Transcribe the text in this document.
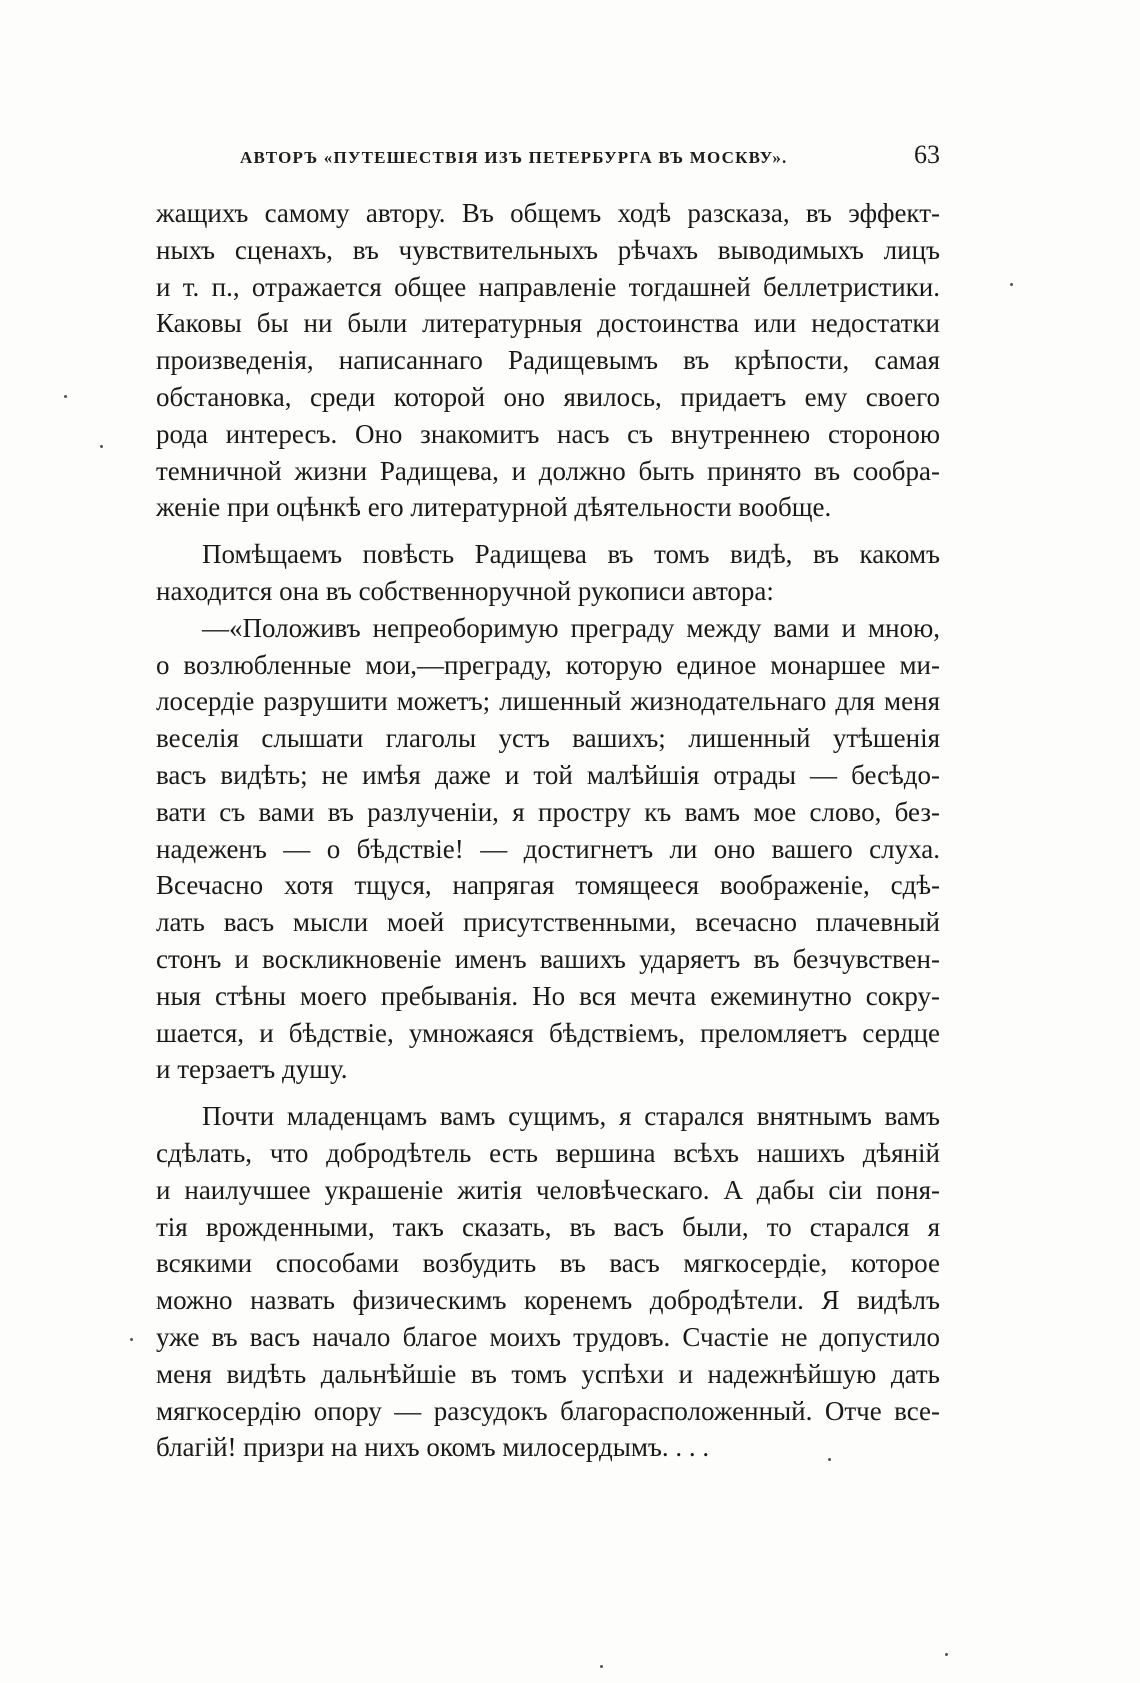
АВТОРЪ «ПУТЕШЕСТВІЯ ИЗЪ ПЕТЕРБУРГА ВЪ МОСКВУ».	63
жащихъ самому автору. Въ общемъ ходѣ разсказа, въ эффект-
ныхъ сценахъ, въ чувствительныхъ рѣчахъ выводимыхъ лицъ
и т. п., отражается общее направленіе тогдашней беллетристики.
Каковы бы ни были литературныя достоинства или недостатки
произведенія, написаннаго Радищевымъ въ крѣпости, самая
обстановка, среди которой оно явилось, придаетъ ему своего
рода интересъ. Оно знакомитъ насъ съ внутреннею стороною
темничной жизни Радищева, и должно быть принято въ сообра-
женіе при оцѣнкѣ его литературной дѣятельности вообще.
Помѣщаемъ повѣсть Радищева въ томъ видѣ, въ какомъ
находится она въ собственноручной рукописи автора:
—«Положивъ непреоборимую преграду между вами и мною,
о возлюбленные мои,—преграду, которую единое монаршее ми-
лосердіе разрушити можетъ; лишенный жизнодательнаго для меня
веселія слышати глаголы устъ вашихъ; лишенный утѣшенія
васъ видѣть; не имѣя даже и той малѣйшія отрады — бесѣдо-
вати съ вами въ разлученіи, я простру къ вамъ мое слово, без-
надеженъ — о бѣдствіе! — достигнетъ ли оно вашего слуха.
Всечасно хотя тщуся, напрягая томящееся воображеніе, сдѣ-
лать васъ мысли моей присутственными, всечасно плачевный
стонъ и воскликновеніе именъ вашихъ ударяетъ въ безчувствен-
ныя стѣны моего пребыванія. Но вся мечта ежеминутно сокру-
шается, и бѣдствіе, умножаяся бѣдствіемъ, преломляетъ сердце
и терзаетъ душу.
Почти младенцамъ вамъ сущимъ, я старался внятнымъ вамъ
сдѣлать, что добродѣтель есть вершина всѣхъ нашихъ дѣяній
и наилучшее украшеніе житія человѣческаго. А дабы сіи поня-
тія врожденными, такъ сказать, въ васъ были, то старался я
всякими способами возбудить въ васъ мягкосердіе, которое
можно назвать физическимъ коренемъ добродѣтели. Я видѣлъ
уже въ васъ начало благое моихъ трудовъ. Счастіе не допустило
меня видѣть дальнѣйшіе въ томъ успѣхи и надежнѣйшую дать
мягкосердію опору — разсудокъ благорасположенный. Отче все-
благій! призри на нихъ окомъ милосердымъ. . . .
